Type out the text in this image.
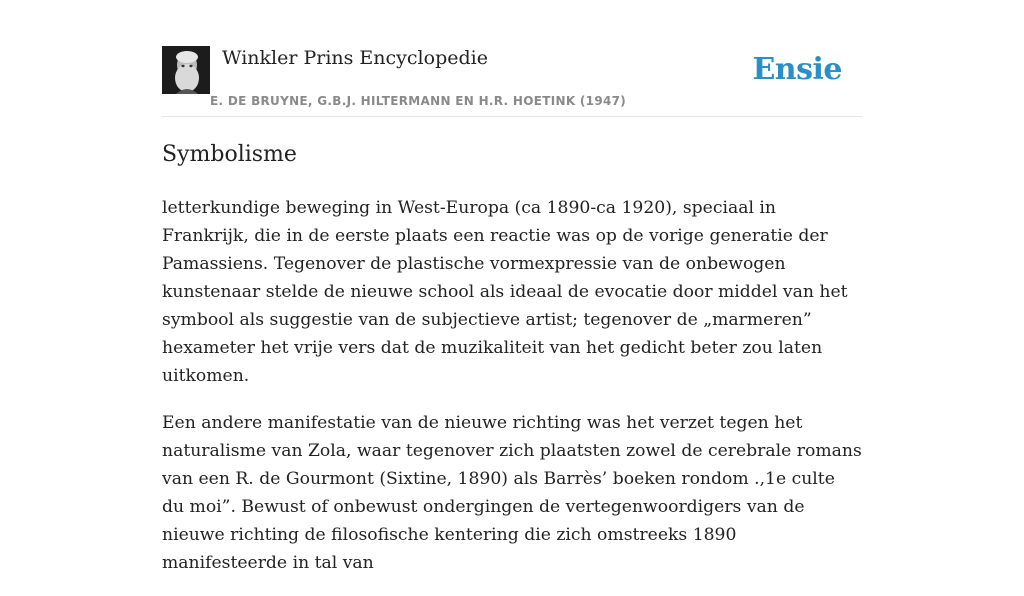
Winkler Prins Encyclopedie
E. DE BRUYNE, G.B.J. HILTERMANN EN H.R. HOETINK (1947)
Ensie
Symbolisme

letterkundige beweging in West-Europa (ca 1890-ca 1920), speciaal in Frankrijk, die in de eerste plaats een reactie was op de vorige generatie der Pamassiens. Tegenover de plastische vormexpressie van de onbewogen kunstenaar stelde de nieuwe school als ideaal de evocatie door middel van het symbool als suggestie van de subjectieve artist; tegenover de „marmeren” hexameter het vrije vers dat de muzikaliteit van het gedicht beter zou laten uitkomen.

Een andere manifestatie van de nieuwe richting was het verzet tegen het naturalisme van Zola, waar tegenover zich plaatsten zowel de cerebrale romans van een R. de Gourmont (Sixtine, 1890) als Barrès’ boeken rondom .,1e culte du moi”. Bewust of onbewust ondergingen de vertegenwoordigers van de nieuwe richting de filosofische kentering die zich omstreeks 1890 manifesteerde in tal van
